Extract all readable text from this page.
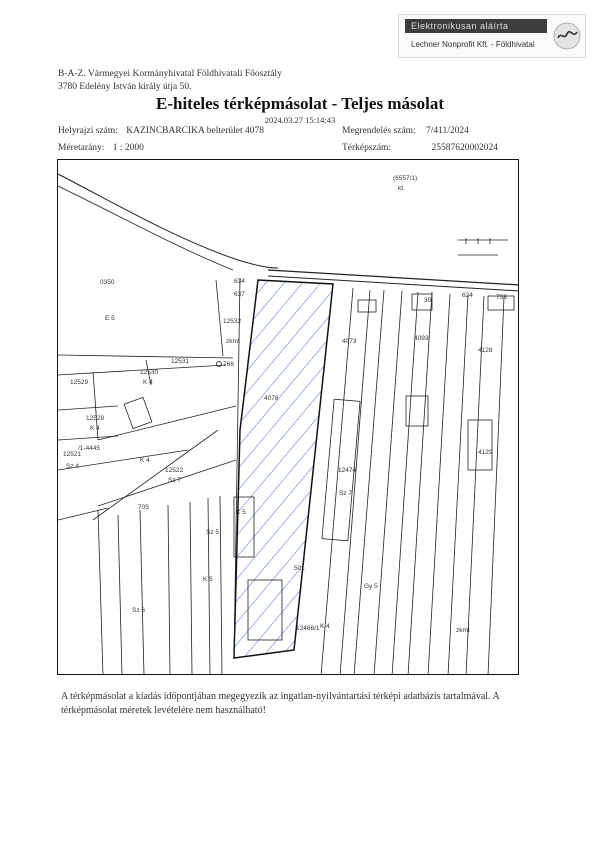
Elektronikusan aláírta
Lechner Nonprofit Kft. - Földhivatal
B-A-Z. Vármegyei Kormányhivatal Földhivatali Főosztály
3780 Edelény István király útja 50.
E-hiteles térképmásolat - Teljes másolat
2024.03.27 15:14:43
Helyrajzi szám: KAZINCBARCIKA belterület 4078	Megrendelés szám: 7/411/2024
Méretarány: 1 : 2000	Térképszám:	25587620002024
(6557/1)
kt.
0350
E 5
634
637
12532
zkmt
766
12531
12530
K 4
12529
12528
K 4
/1-4445
12521
Sz 4
12522
Sz 7
705
K 4
4078
4073	4093
4128
4129
12474
Sz 7
12466/1
501
Gy 5
K 5
Sz 5
K 5
624	758
30
Sz 6
zkmt
K 4
A térképmásolat a kiadás időpontjában megegyezik az ingatlan-nyilvántartási térképi adatbázis tartalmával. A térképmásolat méretek levételére nem használható!
